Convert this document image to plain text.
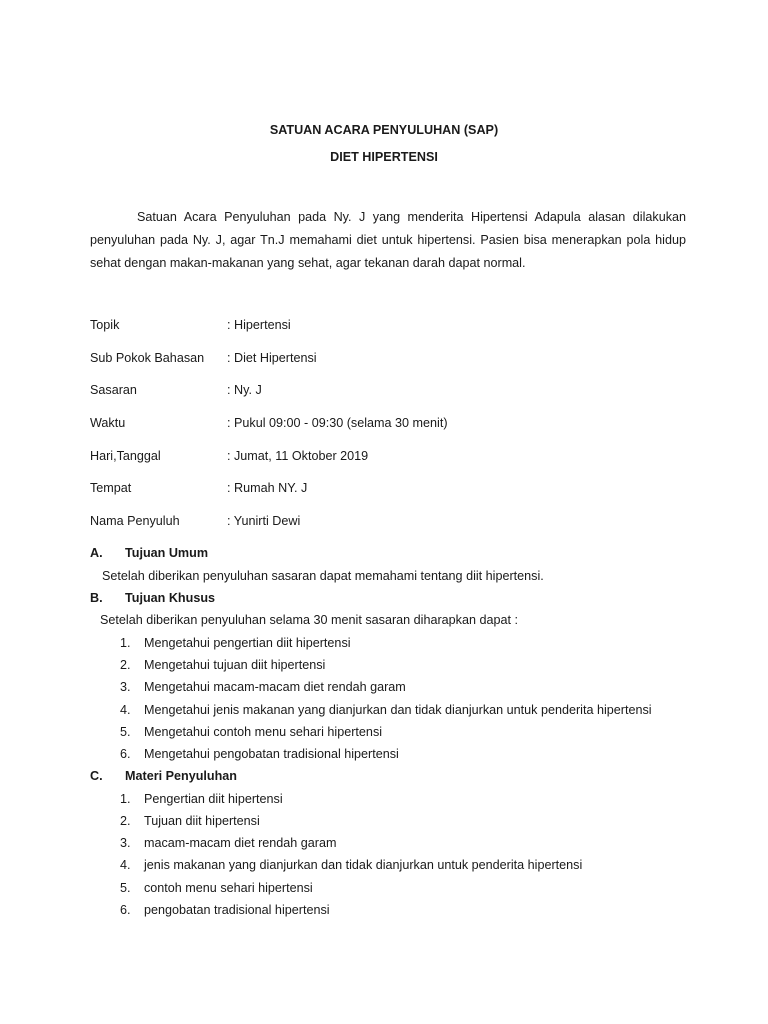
SATUAN ACARA PENYULUHAN (SAP)
DIET HIPERTENSI
Satuan Acara Penyuluhan pada Ny. J yang menderita Hipertensi Adapula alasan dilakukan penyuluhan pada Ny. J, agar Tn.J memahami diet untuk hipertensi. Pasien bisa menerapkan pola hidup sehat dengan makan-makanan yang sehat, agar tekanan darah dapat normal.
Topik	: Hipertensi
Sub Pokok Bahasan	: Diet Hipertensi
Sasaran	: Ny. J
Waktu	: Pukul 09:00 - 09:30 (selama 30 menit)
Hari,Tanggal	: Jumat, 11 Oktober 2019
Tempat	: Rumah NY. J
Nama Penyuluh	: Yunirti Dewi
A.	Tujuan Umum
Setelah diberikan penyuluhan sasaran dapat memahami tentang diit hipertensi.
B.	Tujuan Khusus
Setelah diberikan penyuluhan selama 30 menit sasaran diharapkan dapat :
1.	Mengetahui pengertian diit hipertensi
2.	Mengetahui tujuan diit hipertensi
3.	Mengetahui macam-macam diet rendah garam
4.	Mengetahui jenis makanan yang dianjurkan dan tidak dianjurkan untuk penderita hipertensi
5.	Mengetahui contoh menu sehari hipertensi
6.	Mengetahui pengobatan tradisional hipertensi
C.	Materi Penyuluhan
1.	Pengertian diit hipertensi
2.	Tujuan diit hipertensi
3.	macam-macam diet rendah garam
4.	jenis makanan yang dianjurkan dan tidak dianjurkan untuk penderita hipertensi
5.	contoh menu sehari hipertensi
6.	pengobatan tradisional hipertensi
